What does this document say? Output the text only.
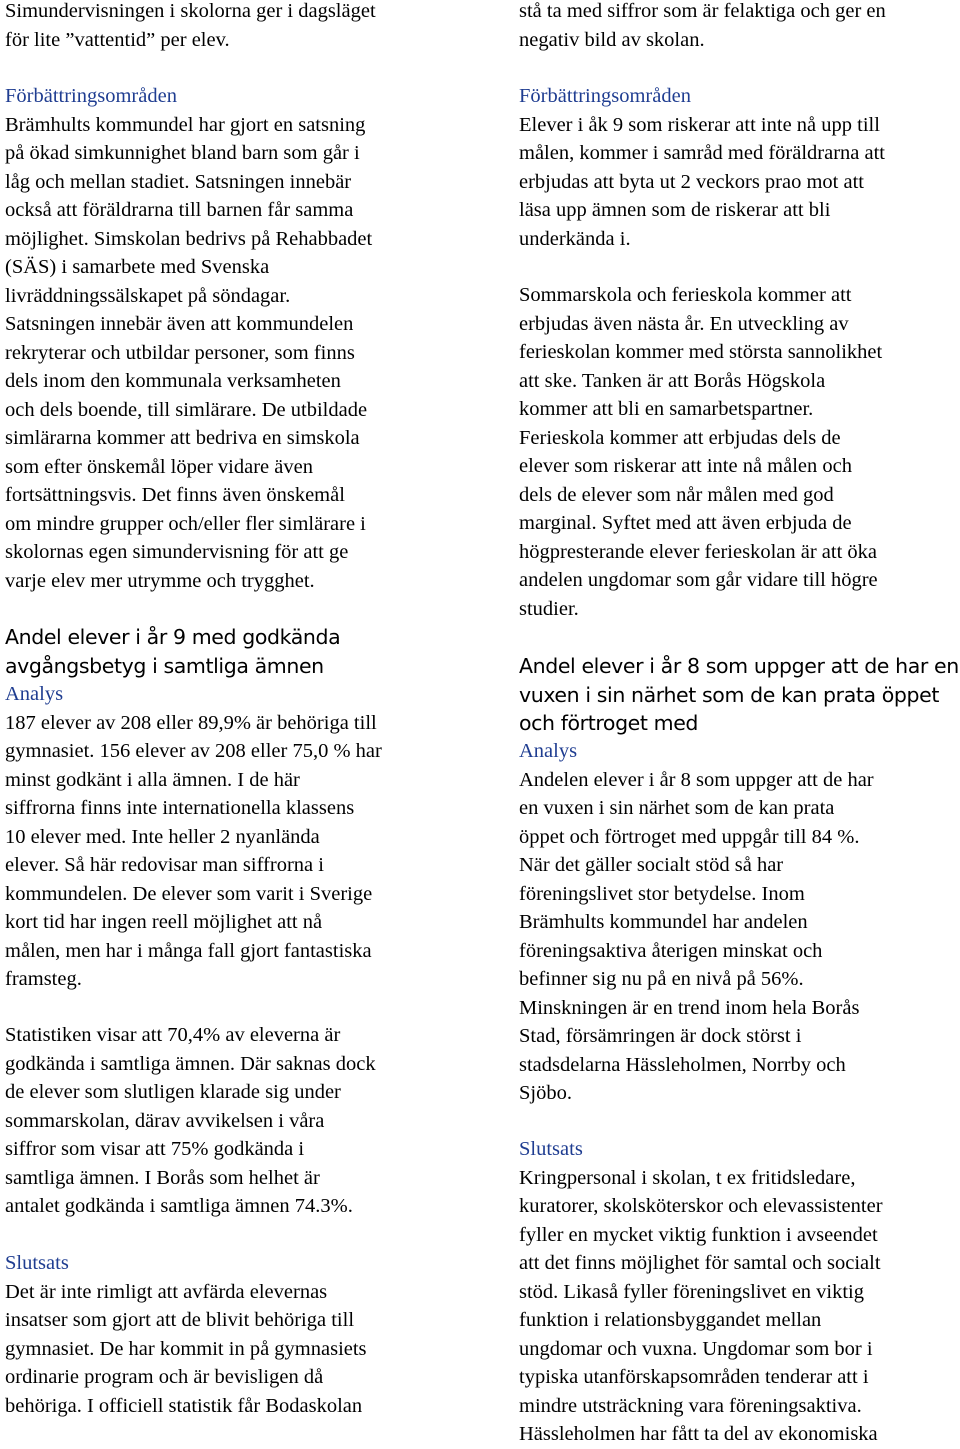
Simundervisningen i skolorna ger i dagsläget
för lite ”vattentid” per elev.
Förbättringsområden
Brämhults kommundel har gjort en satsning
på ökad simkunnighet bland barn som går i
låg och mellan stadiet. Satsningen innebär
också att föräldrarna till barnen får samma
möjlighet. Simskolan bedrivs på Rehabbadet
(SÄS) i samarbete med Svenska
livräddningssälskapet på söndagar.
Satsningen innebär även att kommundelen
rekryterar och utbildar personer, som finns
dels inom den kommunala verksamheten
och dels boende, till simlärare. De utbildade
simlärarna kommer att bedriva en simskola
som efter önskemål löper vidare även
fortsättningsvis. Det finns även önskemål
om mindre grupper och/eller fler simlärare i
skolornas egen simundervisning för att ge
varje elev mer utrymme och trygghet.
Andel elever i år 9 med godkända
avgångsbetyg i samtliga ämnen
Analys
187 elever av 208 eller 89,9% är behöriga till
gymnasiet. 156 elever av 208 eller 75,0 % har
minst godkänt i alla ämnen. I de här
siffrorna finns inte internationella klassens
10 elever med. Inte heller 2 nyanlända
elever. Så här redovisar man siffrorna i
kommundelen. De elever som varit i Sverige
kort tid har ingen reell möjlighet att nå
målen, men har i många fall gjort fantastiska
framsteg.
Statistiken visar att 70,4% av eleverna är
godkända i samtliga ämnen. Där saknas dock
de elever som slutligen klarade sig under
sommarskolan, därav avvikelsen i våra
siffror som visar att 75% godkända i
samtliga ämnen. I Borås som helhet är
antalet godkända i samtliga ämnen 74.3%.
Slutsats
Det är inte rimligt att avfärda elevernas
insatser som gjort att de blivit behöriga till
gymnasiet. De har kommit in på gymnasiets
ordinarie program och är bevisligen då
behöriga. I officiell statistik får Bodaskolan
stå ta med siffror som är felaktiga och ger en
negativ bild av skolan.
Förbättringsområden
Elever i åk 9 som riskerar att inte nå upp till
målen, kommer i samråd med föräldrarna att
erbjudas att byta ut 2 veckors prao mot att
läsa upp ämnen som de riskerar att bli
underkända i.
Sommarskola och ferieskola kommer att
erbjudas även nästa år. En utveckling av
ferieskolan kommer med största sannolikhet
att ske. Tanken är att Borås Högskola
kommer att bli en samarbetspartner.
Ferieskola kommer att erbjudas dels de
elever som riskerar att inte nå målen och
dels de elever som når målen med god
marginal. Syftet med att även erbjuda de
högpresterande elever ferieskolan är att öka
andelen ungdomar som går vidare till högre
studier.
Andel elever i år 8 som uppger att de har en
vuxen i sin närhet som de kan prata öppet
och förtroget med
Analys
Andelen elever i år 8 som uppger att de har
en vuxen i sin närhet som de kan prata
öppet och förtroget med uppgår till 84 %.
När det gäller socialt stöd så har
föreningslivet stor betydelse. Inom
Brämhults kommundel har andelen
föreningsaktiva återigen minskat och
befinner sig nu på en nivå på 56%.
Minskningen är en trend inom hela Borås
Stad, försämringen är dock störst i
stadsdelarna Hässleholmen, Norrby och
Sjöbo.
Slutsats
Kringpersonal i skolan, t ex fritidsledare,
kuratorer, skolsköterskor och elevassistenter
fyller en mycket viktig funktion i avseendet
att det finns möjlighet för samtal och socialt
stöd. Likaså fyller föreningslivet en viktig
funktion i relationsbyggandet mellan
ungdomar och vuxna. Ungdomar som bor i
typiska utanförskapsområden tenderar att i
mindre utsträckning vara föreningsaktiva.
Hässleholmen har fått ta del av ekonomiska
